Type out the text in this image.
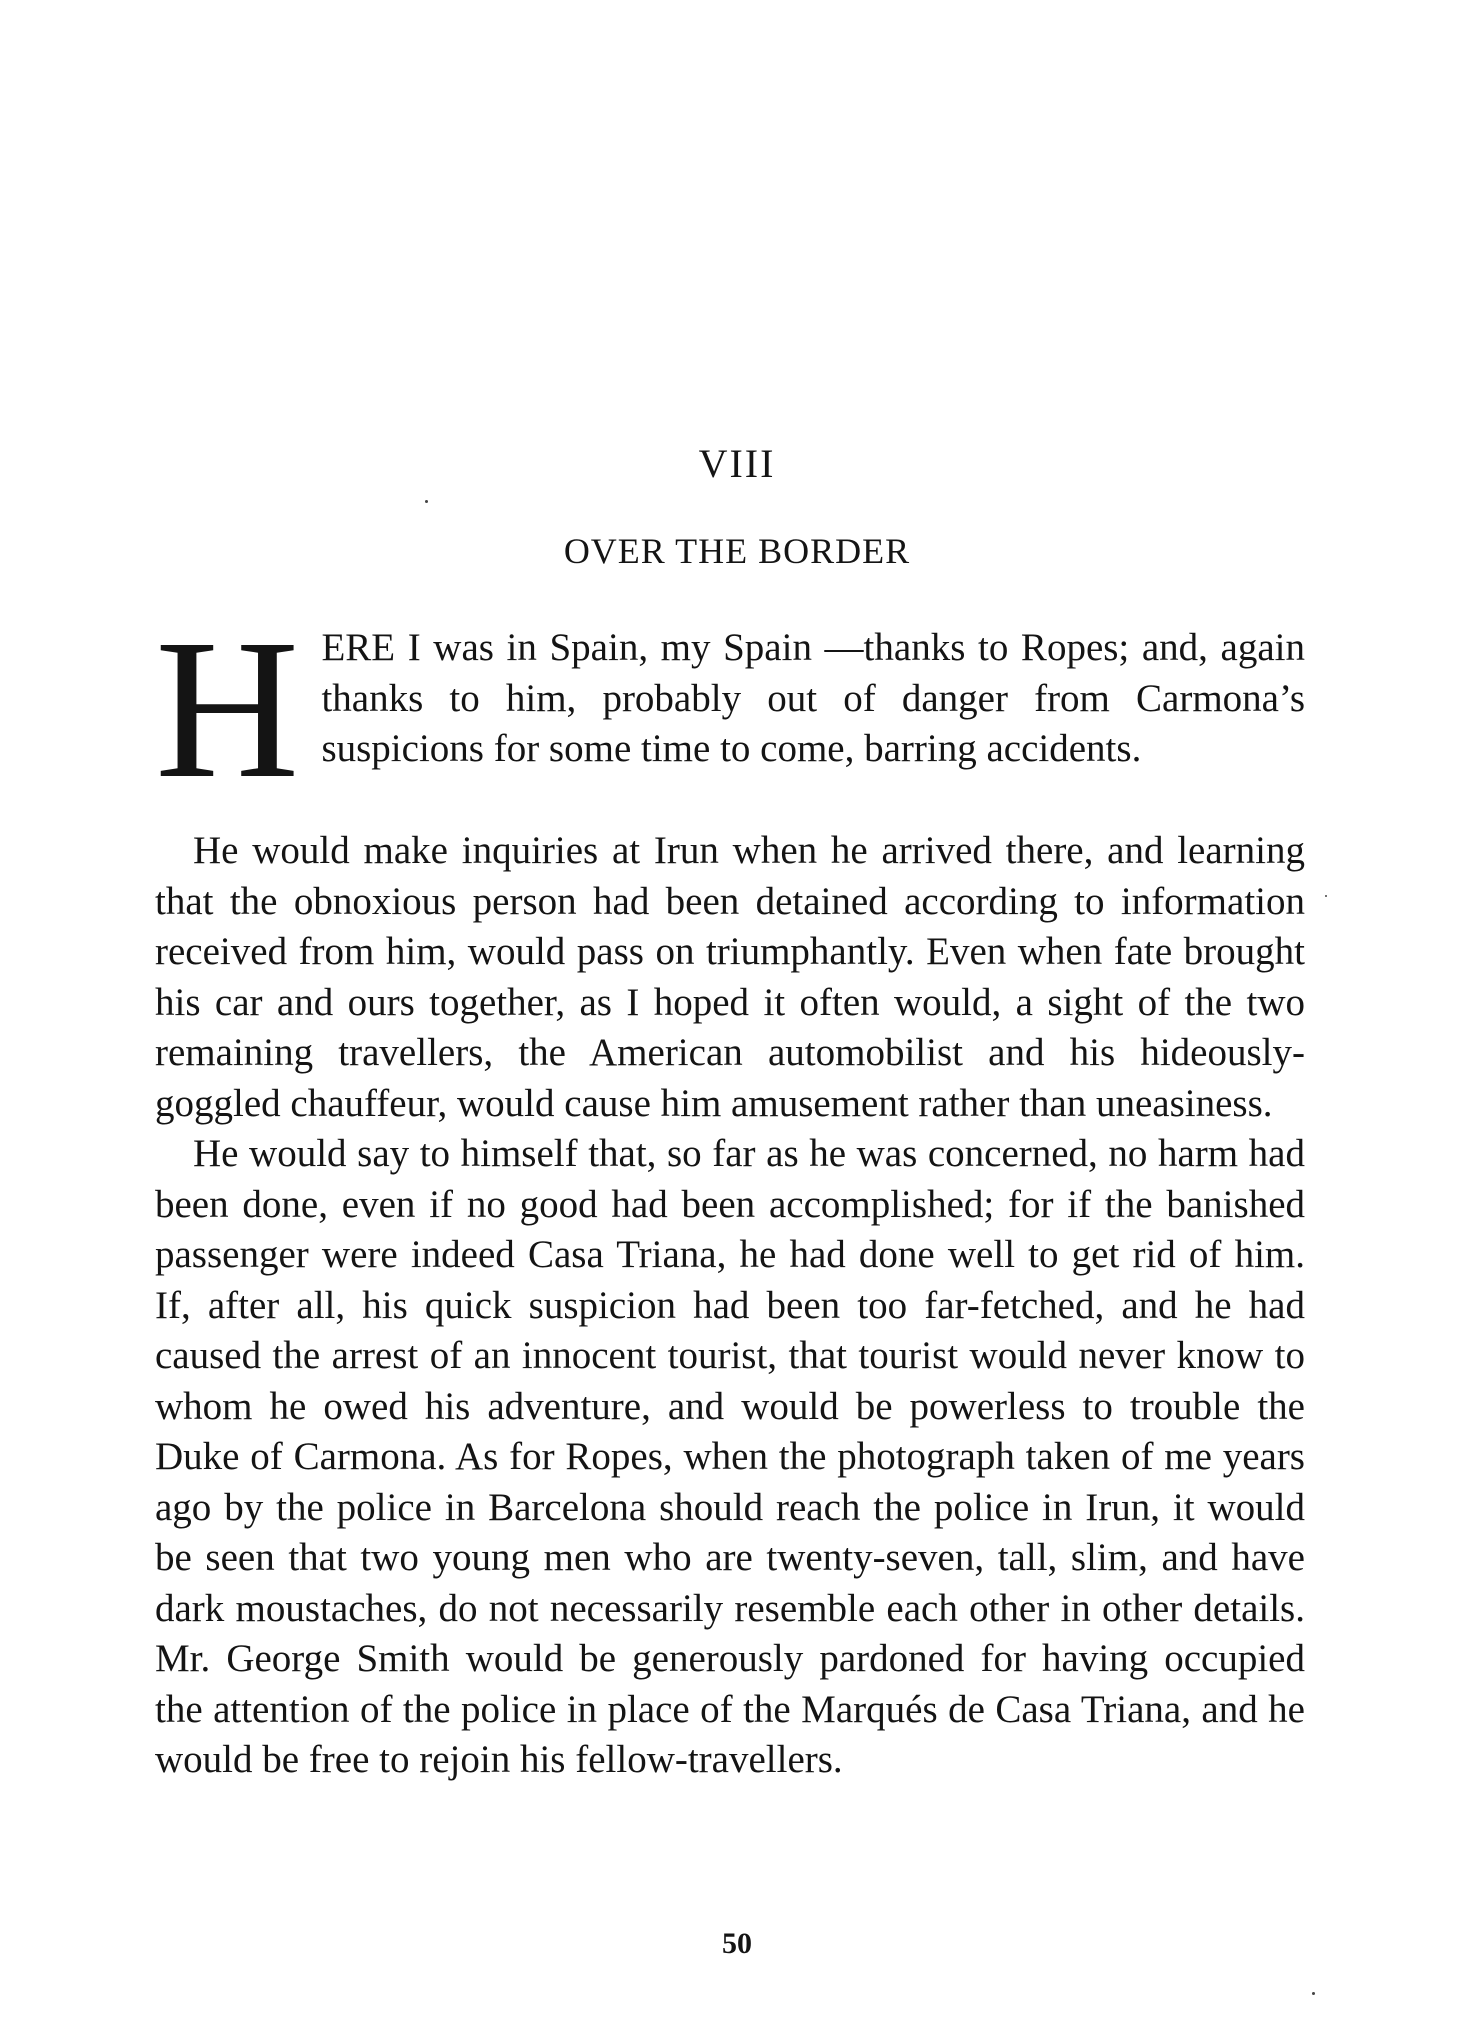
VIII
OVER THE BORDER
H ERE I was in Spain, my Spain —thanks to Ropes; and, again thanks to him, probably out of danger from Carmona’s suspicions for some time to come, barring accidents.

He would make inquiries at Irun when he arrived there, and learning that the obnoxious person had been detained according to information received from him, would pass on triumphantly. Even when fate brought his car and ours together, as I hoped it often would, a sight of the two remaining travellers, the American automobilist and his hideously-goggled chauffeur, would cause him amusement rather than uneasiness.

He would say to himself that, so far as he was concerned, no harm had been done, even if no good had been accomplished; for if the banished passenger were indeed Casa Triana, he had done well to get rid of him. If, after all, his quick suspicion had been too far-fetched, and he had caused the arrest of an innocent tourist, that tourist would never know to whom he owed his adventure, and would be powerless to trouble the Duke of Carmona. As for Ropes, when the photograph taken of me years ago by the police in Barcelona should reach the police in Irun, it would be seen that two young men who are twenty-seven, tall, slim, and have dark moustaches, do not necessarily resemble each other in other details. Mr. George Smith would be generously pardoned for having occupied the attention of the police in place of the Marqués de Casa Triana, and he would be free to rejoin his fellow-travellers.

50
